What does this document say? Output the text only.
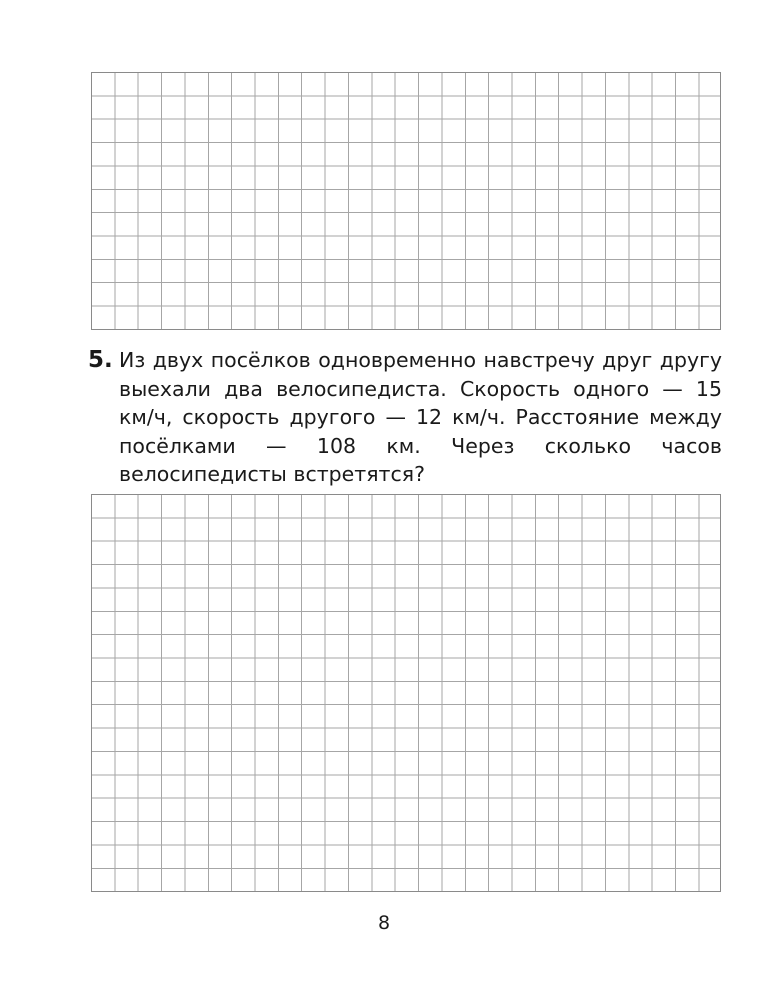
5. Из двух посёлков одновременно навстречу друг другу выехали два велосипедиста. Скорость одного — 15 км/ч, скорость другого — 12 км/ч. Расстояние между посёлками — 108 км. Через сколько часов велосипедисты встретятся?
8
